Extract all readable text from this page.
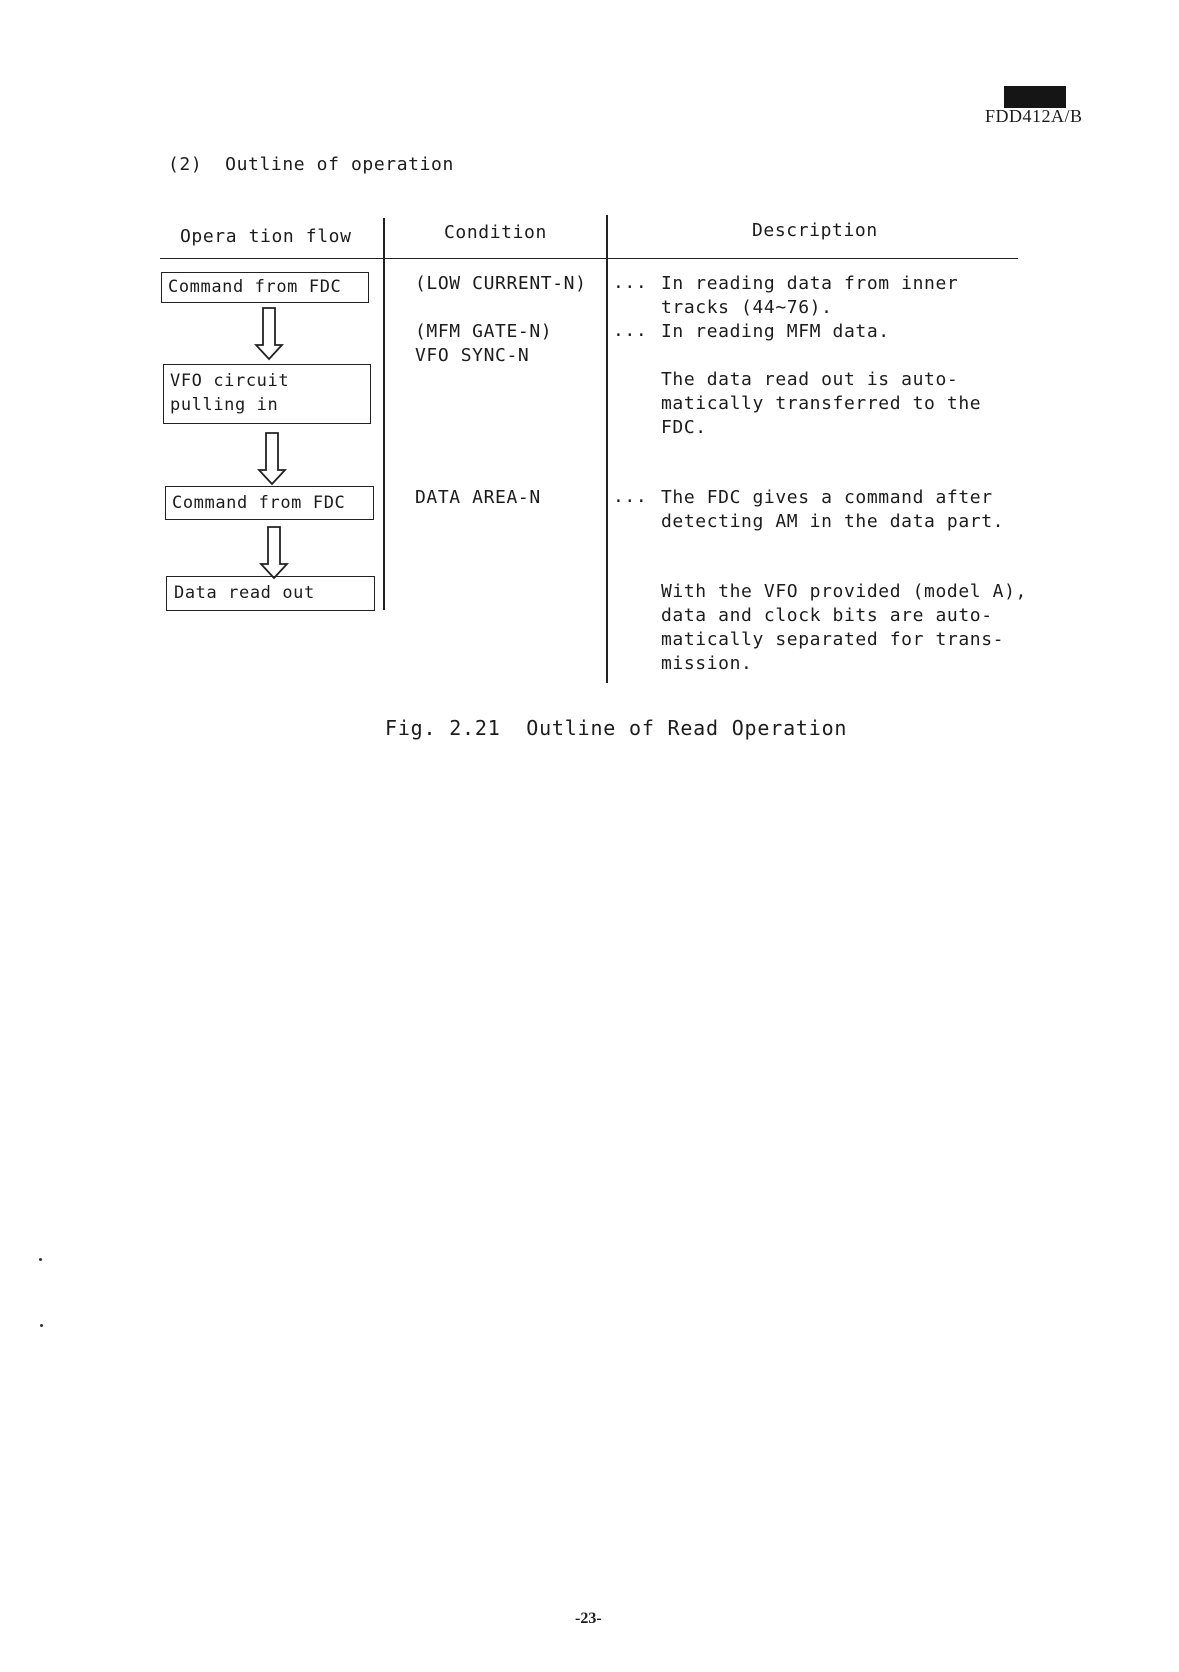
FDD412A/B
(2)  Outline of operation
Opera tion flow	Condition	Description
Command from FDC
VFO circuit
pulling in
Command from FDC
Data read out
(LOW CURRENT-N)
(MFM GATE-N)
VFO SYNC-N
DATA AREA-N
...
...
...
In reading data from inner
tracks (44∼76).
In reading MFM data.
The data read out is auto-
matically transferred to the
FDC.
The FDC gives a command after
detecting AM in the data part.
With the VFO provided (model A),
data and clock bits are auto-
matically separated for trans-
mission.
Fig. 2.21  Outline of Read Operation
-23-
